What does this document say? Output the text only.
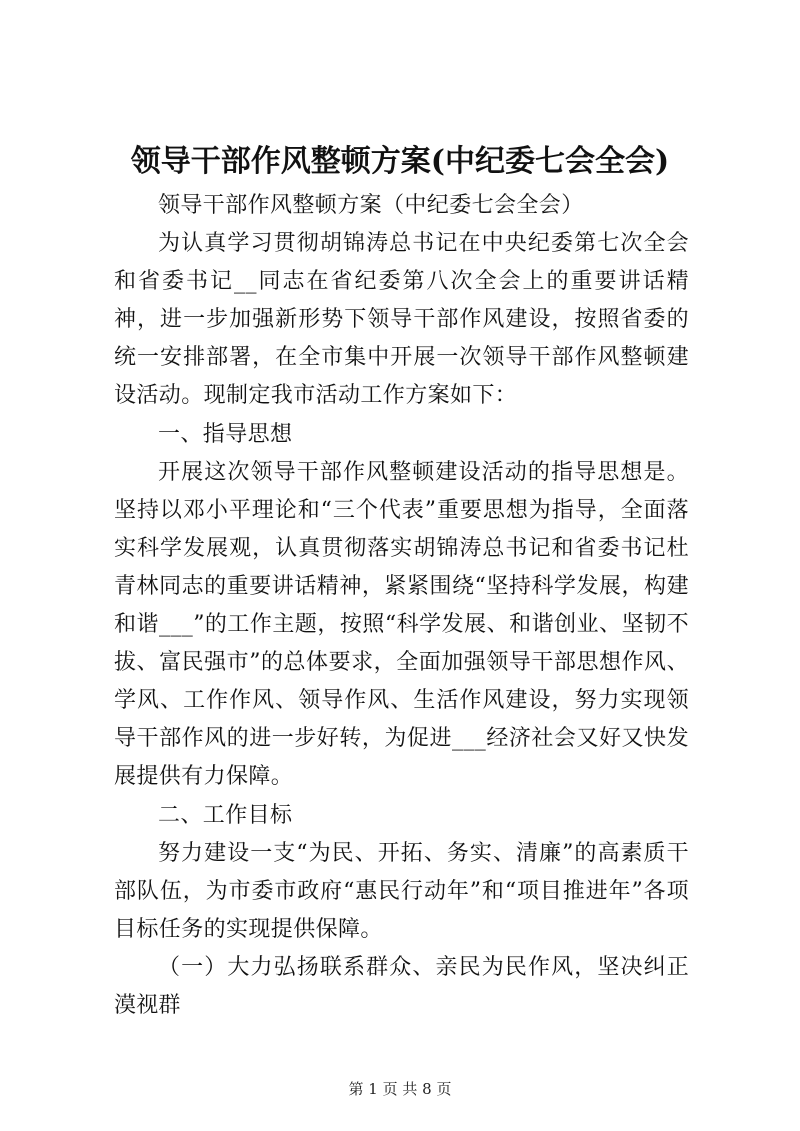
领导干部作风整顿方案(中纪委七会全会)

领导干部作风整顿方案（中纪委七会全会）

为认真学习贯彻胡锦涛总书记在中央纪委第七次全会和省委书记__同志在省纪委第八次全会上的重要讲话精神，进一步加强新形势下领导干部作风建设，按照省委的统一安排部署，在全市集中开展一次领导干部作风整顿建设活动。现制定我市活动工作方案如下：

一、指导思想

开展这次领导干部作风整顿建设活动的指导思想是。坚持以邓小平理论和“三个代表”重要思想为指导，全面落实科学发展观，认真贯彻落实胡锦涛总书记和省委书记杜青林同志的重要讲话精神，紧紧围绕“坚持科学发展，构建和谐___”的工作主题，按照“科学发展、和谐创业、坚韧不拔、富民强市”的总体要求，全面加强领导干部思想作风、学风、工作作风、领导作风、生活作风建设，努力实现领导干部作风的进一步好转，为促进___经济社会又好又快发展提供有力保障。

二、工作目标

努力建设一支“为民、开拓、务实、清廉”的高素质干部队伍，为市委市政府“惠民行动年”和“项目推进年”各项目标任务的实现提供保障。

（一）大力弘扬联系群众、亲民为民作风，坚决纠正漠视群

第 1 页 共 8 页
